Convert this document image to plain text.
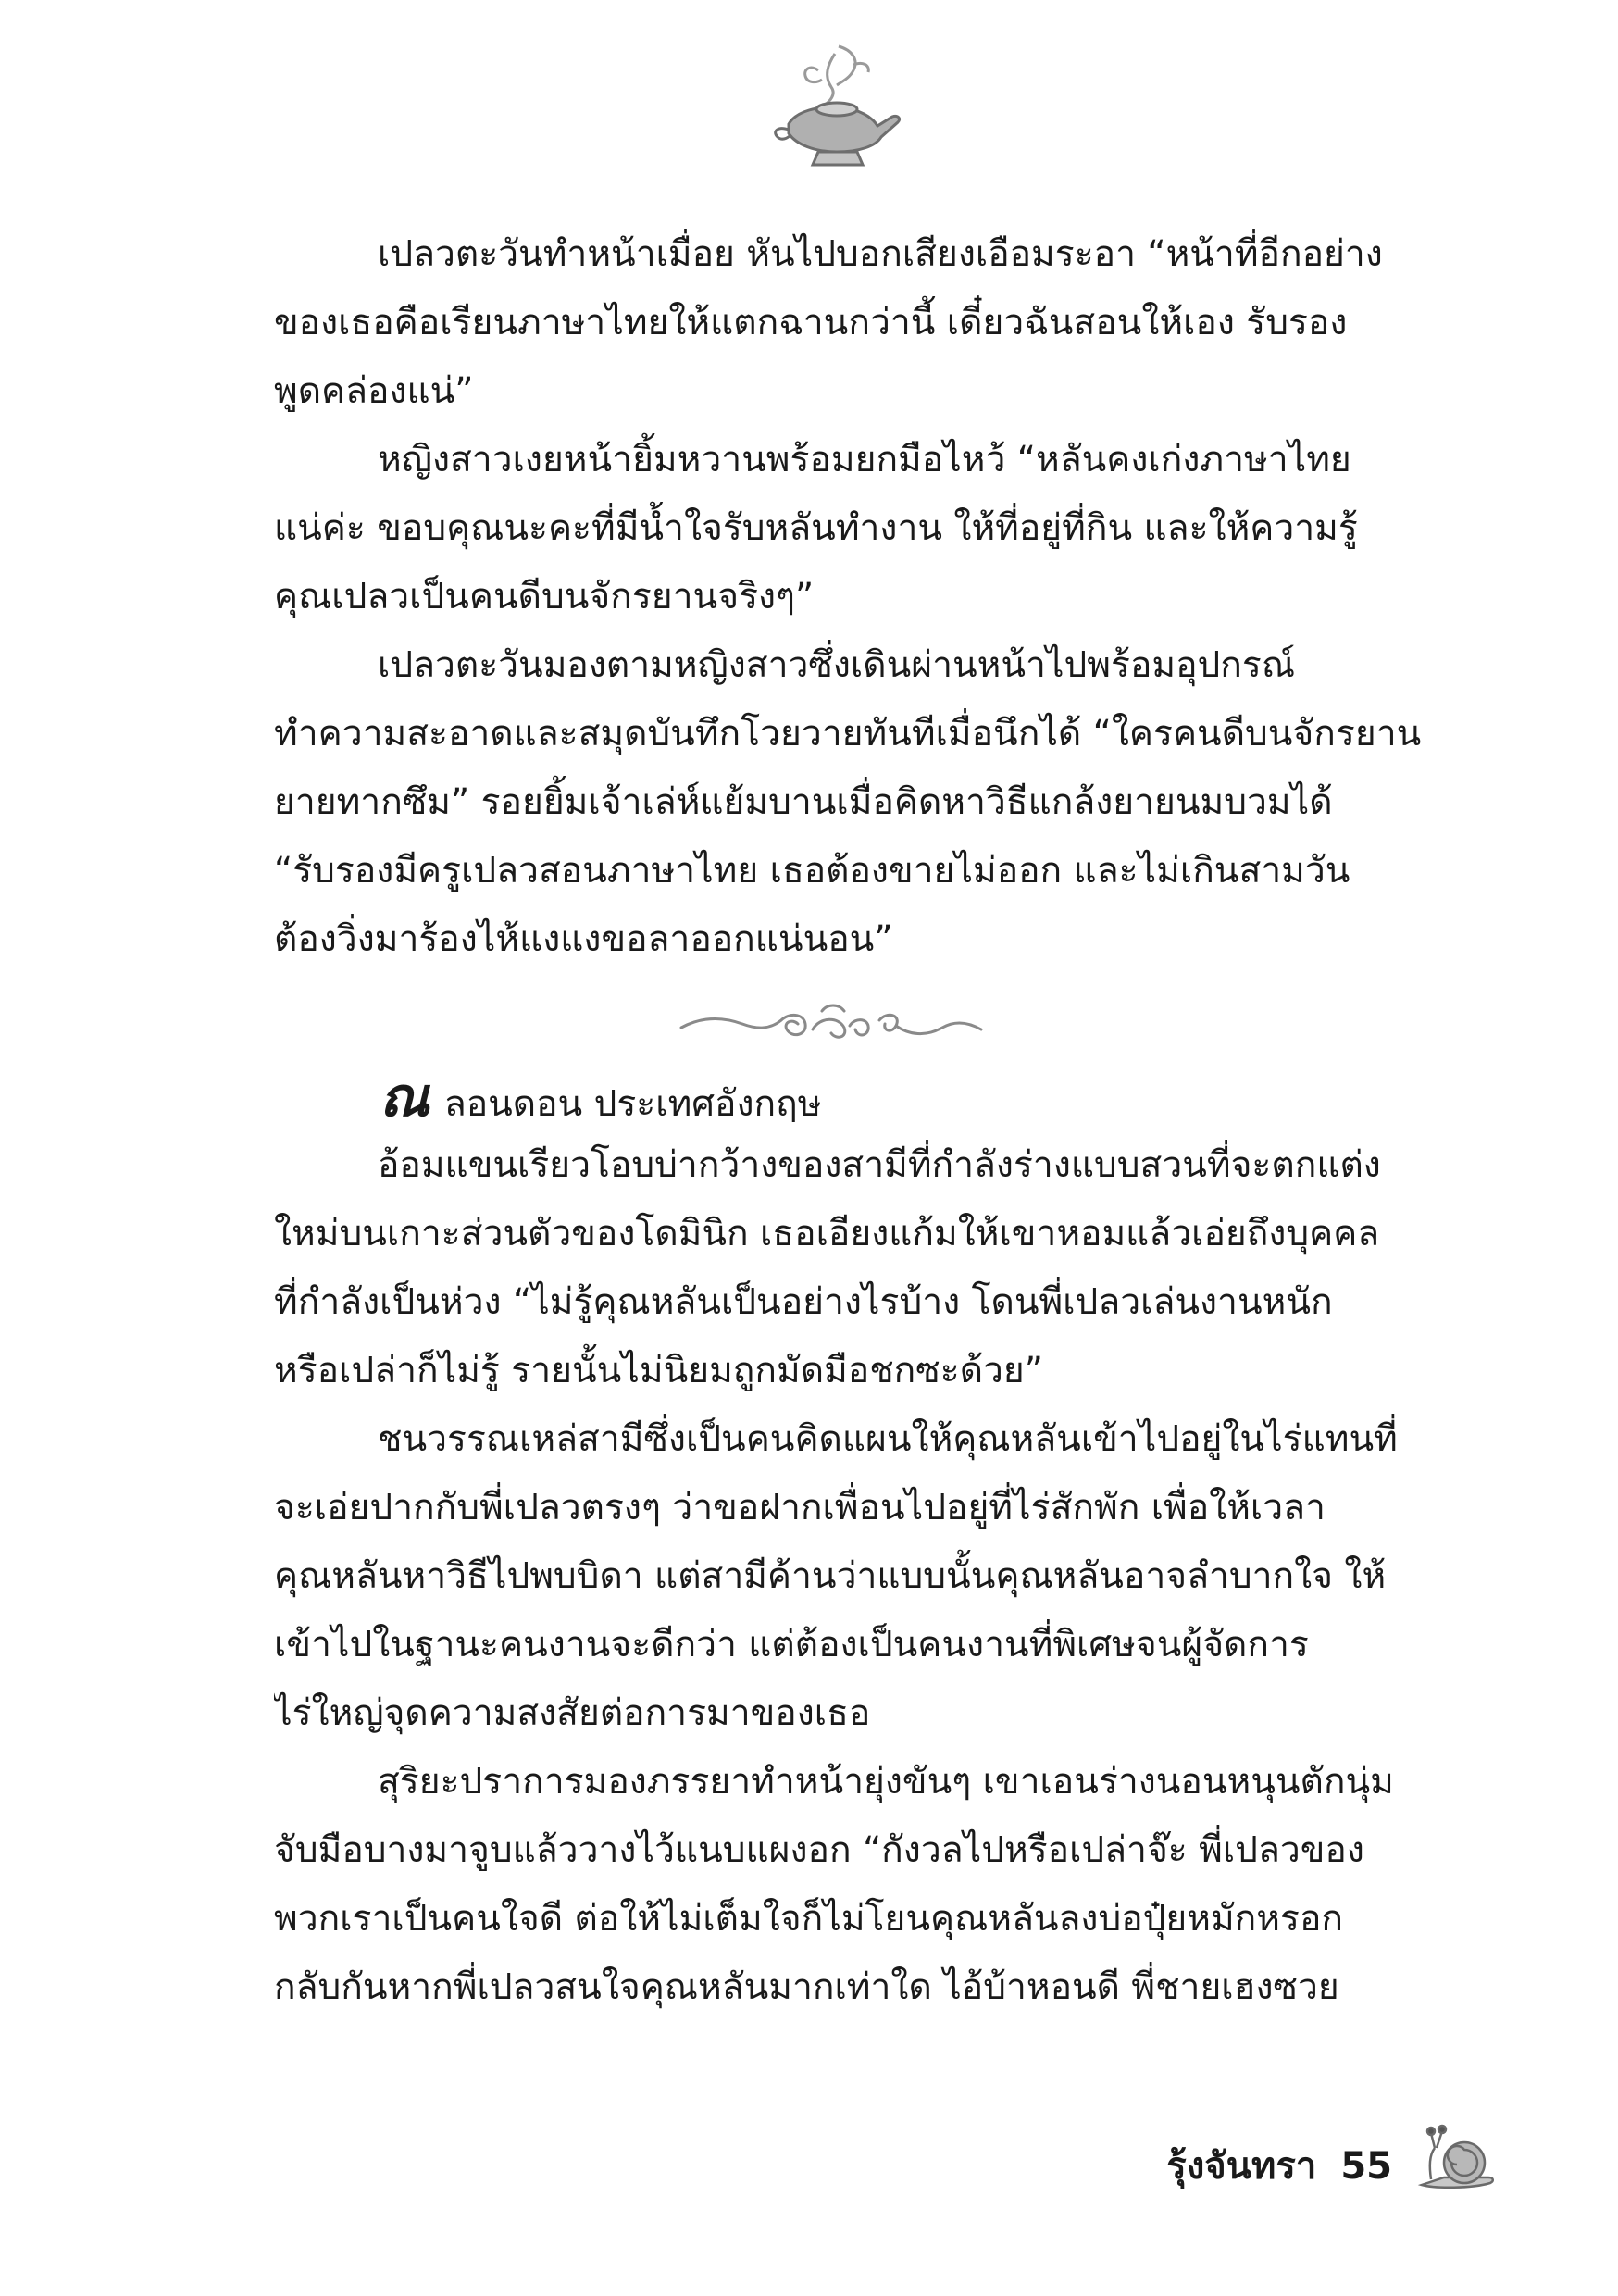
เปลวตะวันทำหน้าเมื่อย หันไปบอกเสียงเอือมระอา “หน้าที่อีกอย่าง
ของเธอคือเรียนภาษาไทยให้แตกฉานกว่านี้ เดี๋ยวฉันสอนให้เอง รับรอง
พูดคล่องแน่”
หญิงสาวเงยหน้ายิ้มหวานพร้อมยกมือไหว้ “หลันคงเก่งภาษาไทย
แน่ค่ะ ขอบคุณนะคะที่มีน้ำใจรับหลันทำงาน ให้ที่อยู่ที่กิน และให้ความรู้
คุณเปลวเป็นคนดีบนจักรยานจริงๆ”
เปลวตะวันมองตามหญิงสาวซึ่งเดินผ่านหน้าไปพร้อมอุปกรณ์
ทำความสะอาดและสมุดบันทึกโวยวายทันทีเมื่อนึกได้ “ใครคนดีบนจักรยาน
ยายทากซึม” รอยยิ้มเจ้าเล่ห์แย้มบานเมื่อคิดหาวิธีแกล้งยายนมบวมได้
“รับรองมีครูเปลวสอนภาษาไทย เธอต้องขายไม่ออก และไม่เกินสามวัน
ต้องวิ่งมาร้องไห้แงแงขอลาออกแน่นอน”
ณ ลอนดอน ประเทศอังกฤษ
อ้อมแขนเรียวโอบบ่ากว้างของสามีที่กำลังร่างแบบสวนที่จะตกแต่ง
ใหม่บนเกาะส่วนตัวของโดมินิก เธอเอียงแก้มให้เขาหอมแล้วเอ่ยถึงบุคคล
ที่กำลังเป็นห่วง “ไม่รู้คุณหลันเป็นอย่างไรบ้าง โดนพี่เปลวเล่นงานหนัก
หรือเปล่าก็ไม่รู้ รายนั้นไม่นิยมถูกมัดมือชกซะด้วย”
ชนวรรณเหล่สามีซึ่งเป็นคนคิดแผนให้คุณหลันเข้าไปอยู่ในไร่แทนที่
จะเอ่ยปากกับพี่เปลวตรงๆ ว่าขอฝากเพื่อนไปอยู่ที่ไร่สักพัก เพื่อให้เวลา
คุณหลันหาวิธีไปพบบิดา แต่สามีค้านว่าแบบนั้นคุณหลันอาจลำบากใจ ให้
เข้าไปในฐานะคนงานจะดีกว่า แต่ต้องเป็นคนงานที่พิเศษจนผู้จัดการ
ไร่ใหญ่จุดความสงสัยต่อการมาของเธอ
สุริยะปราการมองภรรยาทำหน้ายุ่งขันๆ เขาเอนร่างนอนหนุนตักนุ่ม
จับมือบางมาจูบแล้ววางไว้แนบแผงอก “กังวลไปหรือเปล่าจ๊ะ พี่เปลวของ
พวกเราเป็นคนใจดี ต่อให้ไม่เต็มใจก็ไม่โยนคุณหลันลงบ่อปุ๋ยหมักหรอก
กลับกันหากพี่เปลวสนใจคุณหลันมากเท่าใด ไอ้บ้าหอนดี พี่ชายเฮงซวย
รุ้งจันทรา 55
